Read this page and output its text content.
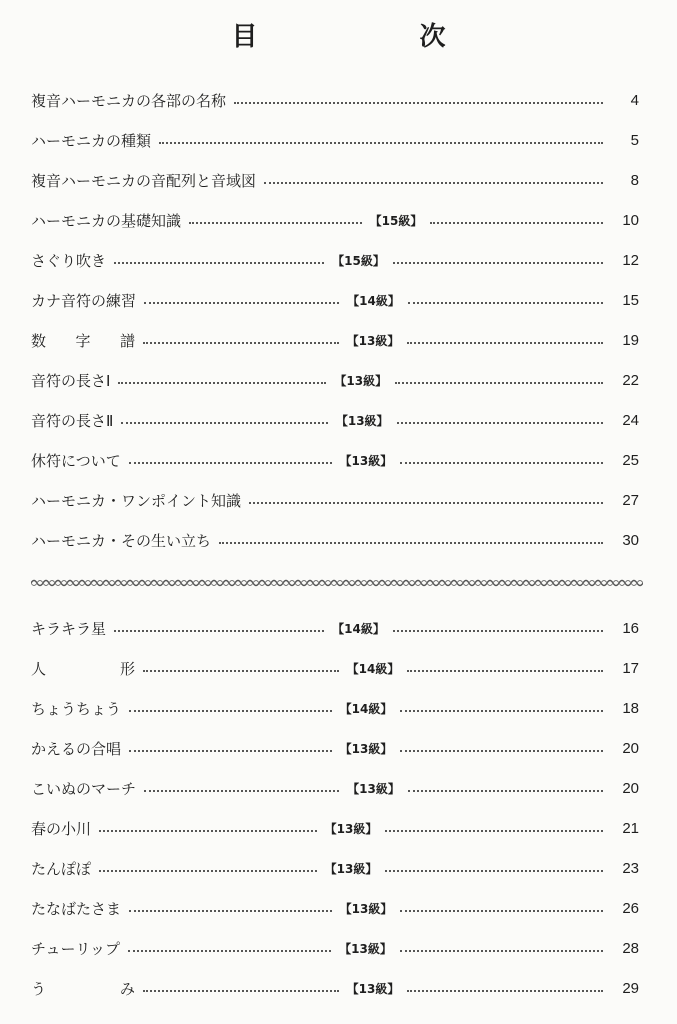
目　次
複音ハーモニカの各部の名称	4
ハーモニカの種類	5
複音ハーモニカの音配列と音域図	8
ハーモニカの基礎知識	【15級】	10
さぐり吹き	【15級】	12
カナ音符の練習	【14級】	15
数 字 譜	【13級】	19
音符の長さⅠ	【13級】	22
音符の長さⅡ	【13級】	24
休符について	【13級】	25
ハーモニカ・ワンポイント知識	27
ハーモニカ・その生い立ち	30
キラキラ星	【14級】	16
人	形	【14級】	17
ちょうちょう	【14級】	18
かえるの合唱	【13級】	20
こいぬのマーチ	【13級】	20
春の小川	【13級】	21
たんぽぽ	【13級】	23
たなばたさま	【13級】	26
チューリップ	【13級】	28
う	み	【13級】	29
